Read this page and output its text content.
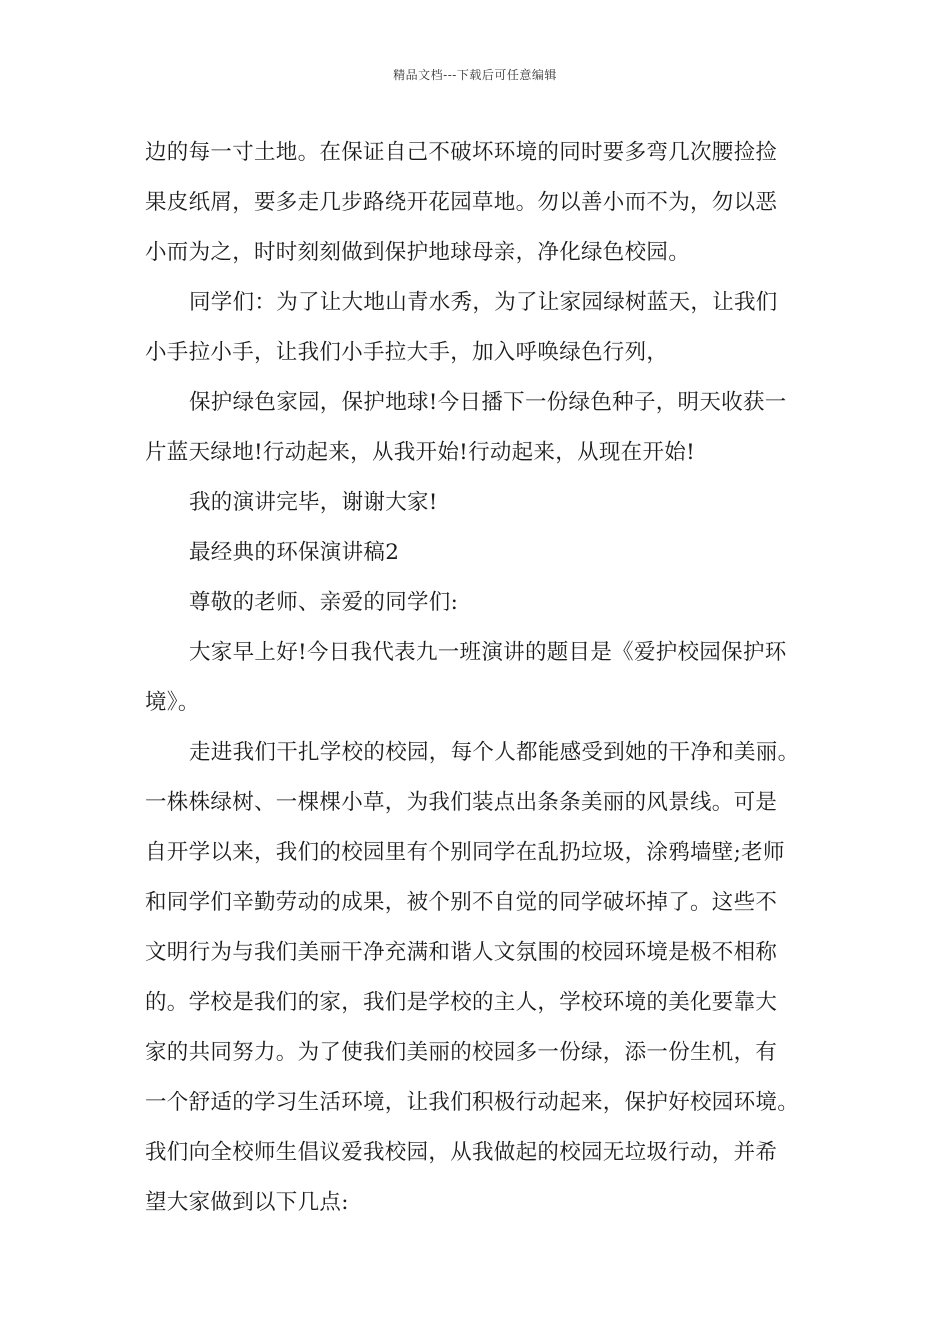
精品文档---下载后可任意编辑
边的每一寸土地。在保证自己不破坏环境的同时要多弯几次腰捡捡
果皮纸屑，要多走几步路绕开花园草地。勿以善小而不为，勿以恶
小而为之，时时刻刻做到保护地球母亲，净化绿色校园。
同学们：为了让大地山青水秀，为了让家园绿树蓝天，让我们
小手拉小手，让我们小手拉大手，加入呼唤绿色行列，
保护绿色家园，保护地球!今日播下一份绿色种子，明天收获一
片蓝天绿地!行动起来，从我开始!行动起来，从现在开始!
我的演讲完毕，谢谢大家!
最经典的环保演讲稿2
尊敬的老师、亲爱的同学们:
大家早上好!今日我代表九一班演讲的题目是《爱护校园保护环
境》。
走进我们干扎学校的校园，每个人都能感受到她的干净和美丽。
一株株绿树、一棵棵小草，为我们装点出条条美丽的风景线。可是
自开学以来，我们的校园里有个别同学在乱扔垃圾，涂鸦墙壁;老师
和同学们辛勤劳动的成果，被个别不自觉的同学破坏掉了。这些不
文明行为与我们美丽干净充满和谐人文氛围的校园环境是极不相称
的。学校是我们的家，我们是学校的主人，学校环境的美化要靠大
家的共同努力。为了使我们美丽的校园多一份绿，添一份生机，有
一个舒适的学习生活环境，让我们积极行动起来，保护好校园环境。
我们向全校师生倡议爱我校园，从我做起的校园无垃圾行动，并希
望大家做到以下几点:
